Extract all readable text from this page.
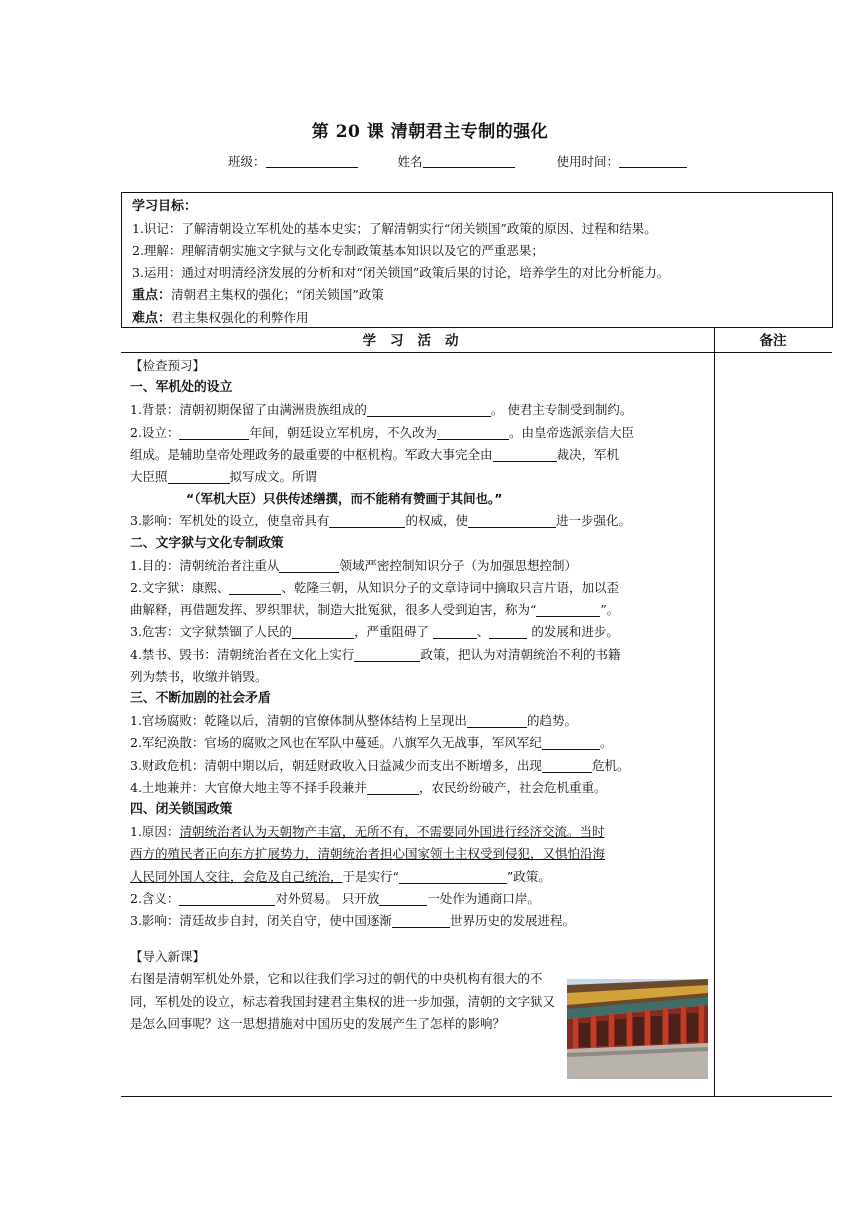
第 20 课 清朝君主专制的强化
班级：	姓名	使用时间：
学习目标：
1.识记：了解清朝设立军机处的基本史实；了解清朝实行“闭关锁国”政策的原因、过程和结果。
2.理解：理解清朝实施文字狱与文化专制政策基本知识以及它的严重恶果；
3.运用：通过对明清经济发展的分析和对“闭关锁国”政策后果的讨论，培养学生的对比分析能力。
重点：清朝君主集权的强化；“闭关锁国”政策
难点：君主集权强化的利弊作用
学习活动	备注

【检查预习】

一、军机处的设立

1.背景：清朝初期保留了由满洲贵族组成的	。 使君主专制受到制约。

2.设立：	年间，朝廷设立军机房，不久改为	。由皇帝选派亲信大臣
组成。是辅助皇帝处理政务的最重要的中枢机构。军政大事完全由	裁决，军机
大臣照	拟写成文。所谓

“（军机大臣）只供传述缮撰，而不能稍有赞画于其间也。”

3.影响：军机处的设立，使皇帝具有	的权威，使	进一步强化。

二、文字狱与文化专制政策

1.目的：清朝统治者注重从	领域严密控制知识分子（为加强思想控制）

2.文字狱：康熙、	、乾隆三朝，从知识分子的文章诗词中摘取只言片语，加以歪
曲解释，再借题发挥、罗织罪状，制造大批冤狱，很多人受到迫害，称为“	”。

3.危害：文字狱禁锢了人民的	，严重阻碍了	、	的发展和进步。

4.禁书、毁书：清朝统治者在文化上实行	政策，把认为对清朝统治不利的书籍
列为禁书，收缴并销毁。

三、不断加剧的社会矛盾

1.官场腐败：乾隆以后，清朝的官僚体制从整体结构上呈现出	的趋势。

2.军纪涣散：官场的腐败之风也在军队中蔓延。八旗军久无战事，军风军纪	。

3.财政危机：清朝中期以后，朝廷财政收入日益减少而支出不断增多，出现	危机。

4.土地兼并：大官僚大地主等不择手段兼并	，农民纷纷破产，社会危机重重。

四、闭关锁国政策

1.原因：清朝统治者认为天朝物产丰富，无所不有，不需要同外国进行经济交流。当时
西方的殖民者正向东方扩展势力，清朝统治者担心国家领土主权受到侵犯，又惧怕沿海
人民同外国人交往，会危及自己统治，于是实行“	”政策。

2.含义：	对外贸易。 只开放	一处作为通商口岸。

3.影响：清廷故步自封，闭关自守，使中国逐渐	世界历史的发展进程。

【导入新课】

右图是清朝军机处外景，它和以往我们学习过的朝代的中央机构有很大的不同，军机处的设立，标志着我国封建君主集权的进一步加强，清朝的文字狱又是怎么回事呢？这一思想措施对中国历史的发展产生了怎样的影响？
